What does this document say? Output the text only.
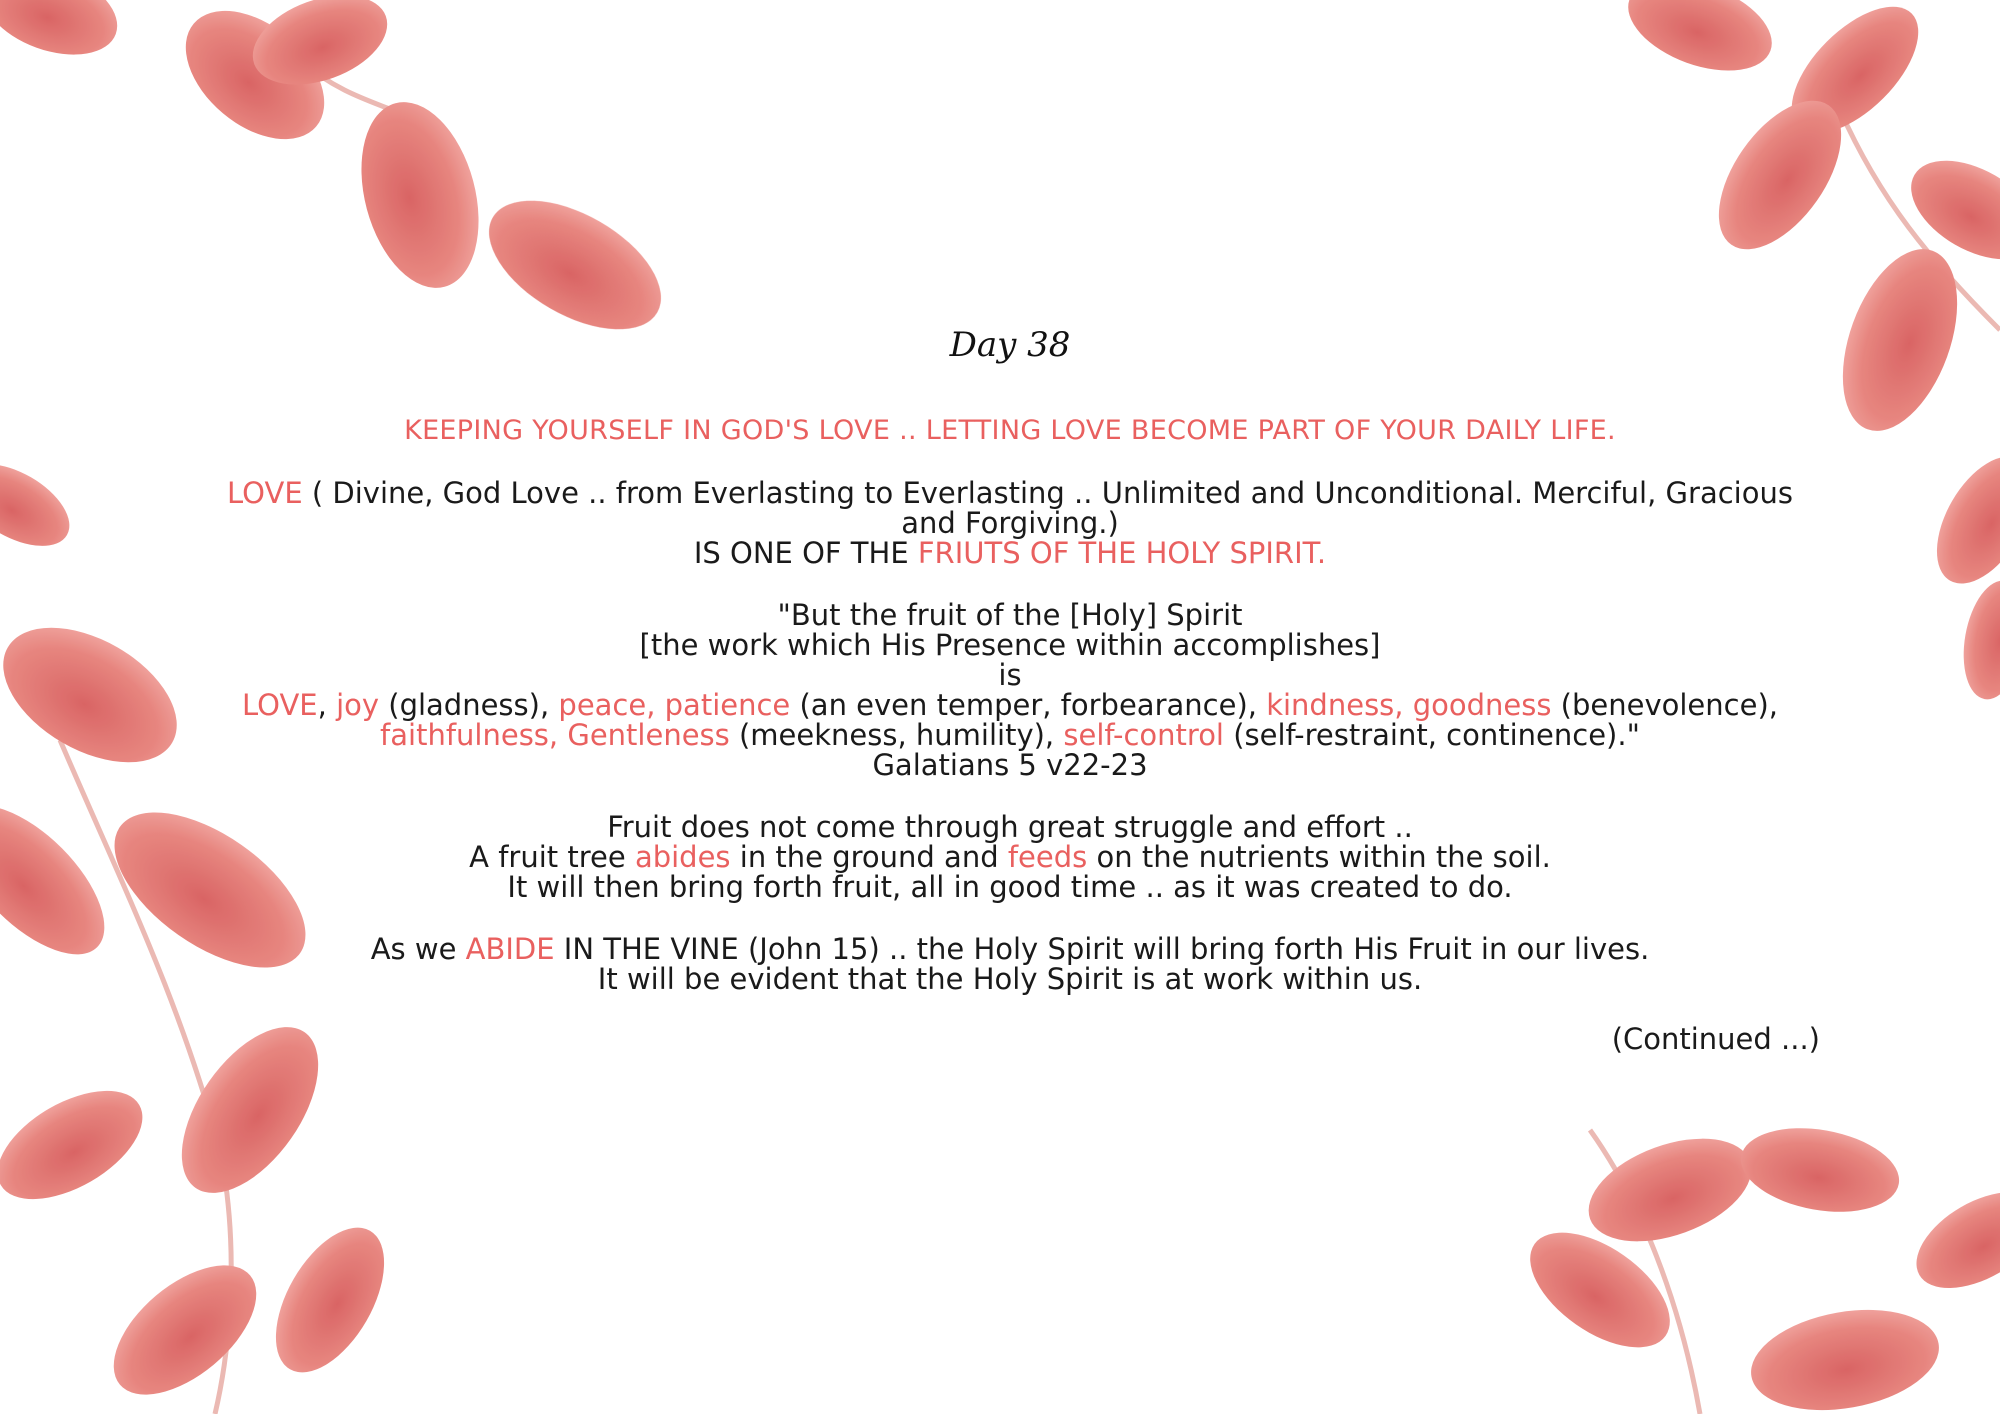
Day 38
KEEPING YOURSELF IN GOD'S LOVE .. LETTING LOVE BECOME PART OF YOUR DAILY LIFE.
LOVE ( Divine, God Love .. from Everlasting to Everlasting .. Unlimited and Unconditional. Merciful, Gracious
and Forgiving.)
IS ONE OF THE FRIUTS OF THE HOLY SPIRIT.
"But the fruit of the [Holy] Spirit
[the work which His Presence within accomplishes]
is
LOVE, joy (gladness), peace, patience (an even temper, forbearance), kindness, goodness (benevolence),
faithfulness, Gentleness (meekness, humility), self-control (self-restraint, continence)."
Galatians 5 v22-23
Fruit does not come through great struggle and effort ..
A fruit tree abides in the ground and feeds on the nutrients within the soil.
It will then bring forth fruit, all in good time .. as it was created to do.
As we ABIDE IN THE VINE (John 15) .. the Holy Spirit will bring forth His Fruit in our lives.
It will be evident that the Holy Spirit is at work within us.
(Continued ...)
